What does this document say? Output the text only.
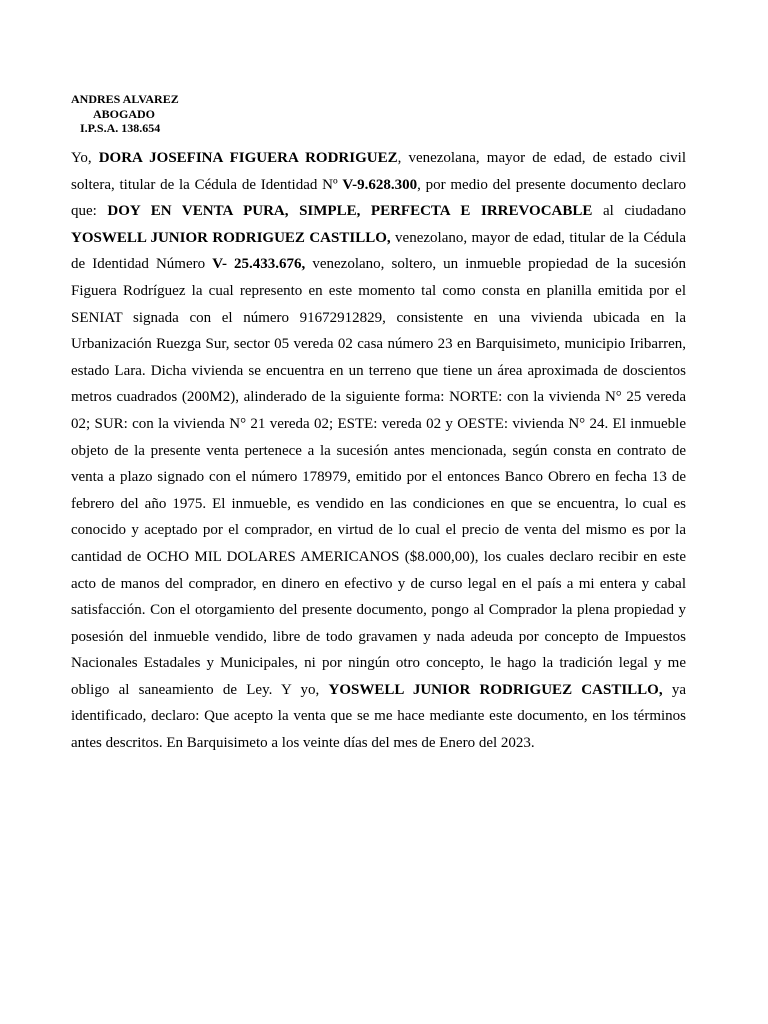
ANDRES ALVAREZ
ABOGADO
I.P.S.A. 138.654

Yo, DORA JOSEFINA FIGUERA RODRIGUEZ, venezolana, mayor de edad, de estado civil soltera, titular de la Cédula de Identidad Nº V-9.628.300, por medio del presente documento declaro que: DOY EN VENTA PURA, SIMPLE, PERFECTA E IRREVOCABLE al ciudadano YOSWELL JUNIOR RODRIGUEZ CASTILLO, venezolano, mayor de edad, titular de la Cédula de Identidad Número V- 25.433.676, venezolano, soltero, un inmueble propiedad de la sucesión Figuera Rodríguez la cual represento en este momento tal como consta en planilla emitida por el SENIAT signada con el número 91672912829, consistente en una vivienda ubicada en la Urbanización Ruezga Sur, sector 05 vereda 02 casa número 23 en Barquisimeto, municipio Iribarren, estado Lara. Dicha vivienda se encuentra en un terreno que tiene un área aproximada de doscientos metros cuadrados (200M2), alinderado de la siguiente forma: NORTE: con la vivienda N° 25 vereda 02; SUR: con la vivienda N° 21 vereda 02; ESTE: vereda 02 y OESTE: vivienda N° 24. El inmueble objeto de la presente venta pertenece a la sucesión antes mencionada, según consta en contrato de venta a plazo signado con el número 178979, emitido por el entonces Banco Obrero en fecha 13 de febrero del año 1975. El inmueble, es vendido en las condiciones en que se encuentra, lo cual es conocido y aceptado por el comprador, en virtud de lo cual el precio de venta del mismo es por la cantidad de OCHO MIL DOLARES AMERICANOS ($8.000,00), los cuales declaro recibir en este acto de manos del comprador, en dinero en efectivo y de curso legal en el país a mi entera y cabal satisfacción. Con el otorgamiento del presente documento, pongo al Comprador la plena propiedad y posesión del inmueble vendido, libre de todo gravamen y nada adeuda por concepto de Impuestos Nacionales Estadales y Municipales, ni por ningún otro concepto, le hago la tradición legal y me obligo al saneamiento de Ley. Y yo, YOSWELL JUNIOR RODRIGUEZ CASTILLO, ya identificado, declaro: Que acepto la venta que se me hace mediante este documento, en los términos antes descritos. En Barquisimeto a los veinte días del mes de Enero del 2023.
